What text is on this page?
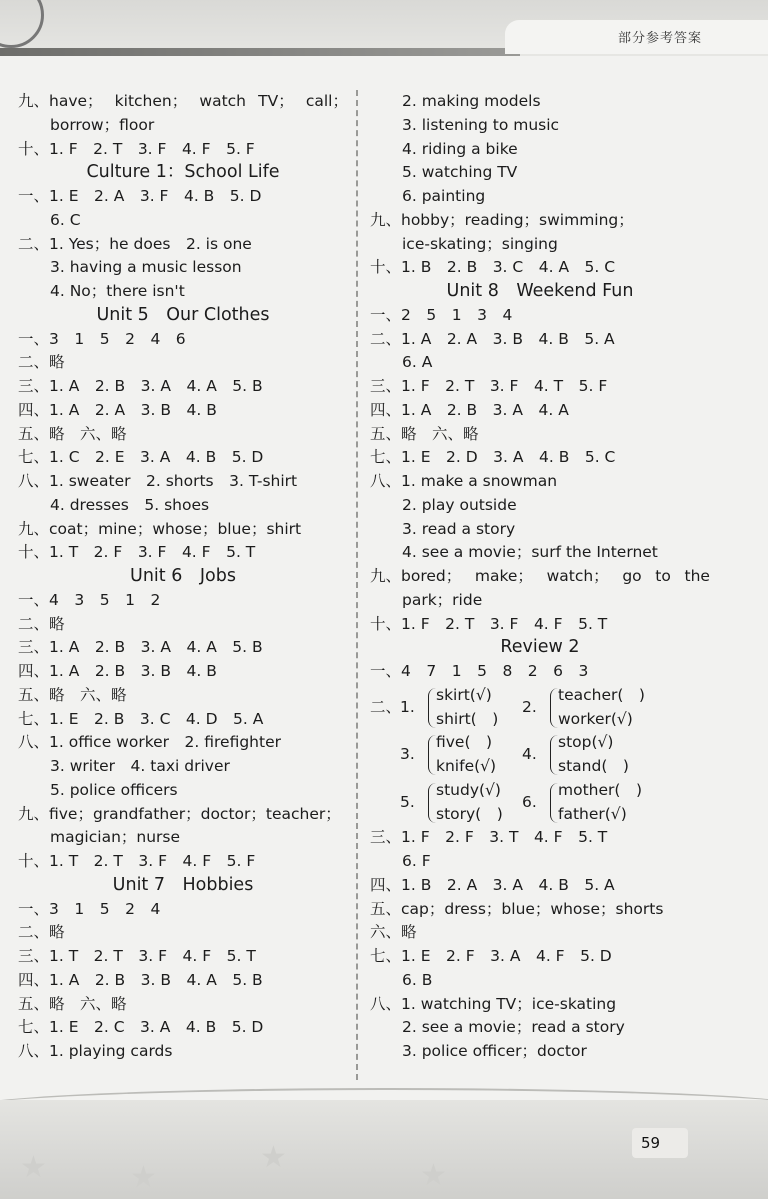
部分参考答案
九、have； kitchen； watch TV； call；
borrow；floor
十、1. F　2. T　3. F　4. F　5. F
Culture 1：School Life
一、1. E　2. A　3. F　4. B　5. D
6. C
二、1. Yes；he does　2. is one
3. having a music lesson
4. No；there isn't
Unit 5　Our Clothes
一、3　1　5　2　4　6
二、略
三、1. A　2. B　3. A　4. A　5. B
四、1. A　2. A　3. B　4. B
五、略　六、略
七、1. C　2. E　3. A　4. B　5. D
八、1. sweater　2. shorts　3. T-shirt
4. dresses　5. shoes
九、coat；mine；whose；blue；shirt
十、1. T　2. F　3. F　4. F　5. T
Unit 6　Jobs
一、4　3　5　1　2
二、略
三、1. A　2. B　3. A　4. A　5. B
四、1. A　2. B　3. B　4. B
五、略　六、略
七、1. E　2. B　3. C　4. D　5. A
八、1. office worker　2. firefighter
3. writer　4. taxi driver
5. police officers
九、five；grandfather；doctor；teacher；
magician；nurse
十、1. T　2. T　3. F　4. F　5. F
Unit 7　Hobbies
一、3　1　5　2　4
二、略
三、1. T　2. T　3. F　4. F　5. T
四、1. A　2. B　3. B　4. A　5. B
五、略　六、略
七、1. E　2. C　3. A　4. B　5. D
八、1. playing cards
2. making models
3. listening to music
4. riding a bike
5. watching TV
6. painting
九、hobby；reading；swimming；
ice-skating；singing
十、1. B　2. B　3. C　4. A　5. C
Unit 8　Weekend Fun
一、2　5　1　3　4
二、1. A　2. A　3. B　4. B　5. A
6. A
三、1. F　2. T　3. F　4. T　5. F
四、1. A　2. B　3. A　4. A
五、略　六、略
七、1. E　2. D　3. A　4. B　5. C
八、1. make a snowman
2. play outside
3. read a story
4. see a movie；surf the Internet
九、bored； make； watch； go to the
park；ride
十、1. F　2. T　3. F　4. F　5. T
Review 2
一、4　7　1　5　8　2　6　3
二、
1.
skirt(√)
shirt(　)
2.
teacher(　)
worker(√)
3.
five(　)
knife(√)
4.
stop(√)
stand(　)
5.
study(√)
story(　)
6.
mother(　)
father(√)
三、1. F　2. F　3. T　4. F　5. T
6. F
四、1. B　2. A　3. A　4. B　5. A
五、cap；dress；blue；whose；shorts
六、略
七、1. E　2. F　3. A　4. F　5. D
6. B
八、1. watching TV；ice-skating
2. see a movie；read a story
3. police officer；doctor
★	★
★
★
59
